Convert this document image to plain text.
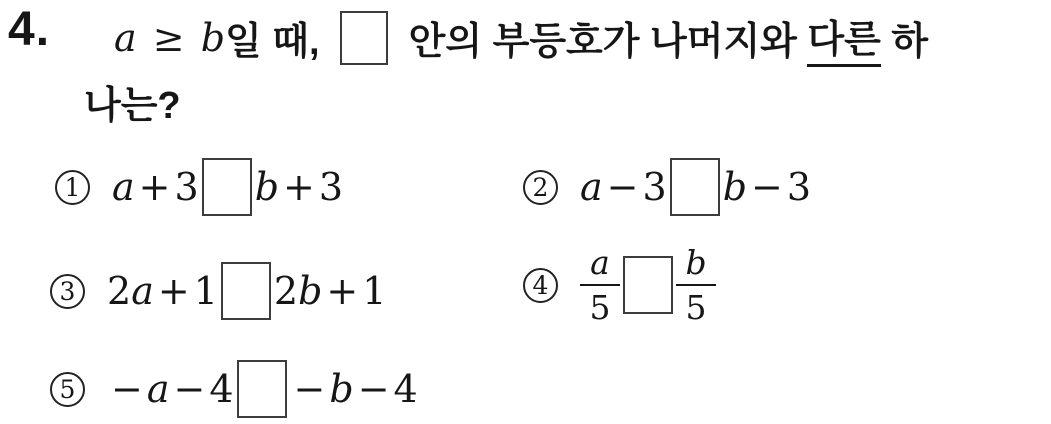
4. a
≥
b 일 때, 안의 부등호가 나머지와 다른 하
나는?
1 a + 3 b + 3	2 a − 3 b − 3
3 2 a + 1 2 b + 1	$4 \frac{a}{5} \frac{b}{5}$
5 − a − 4 − b − 4
